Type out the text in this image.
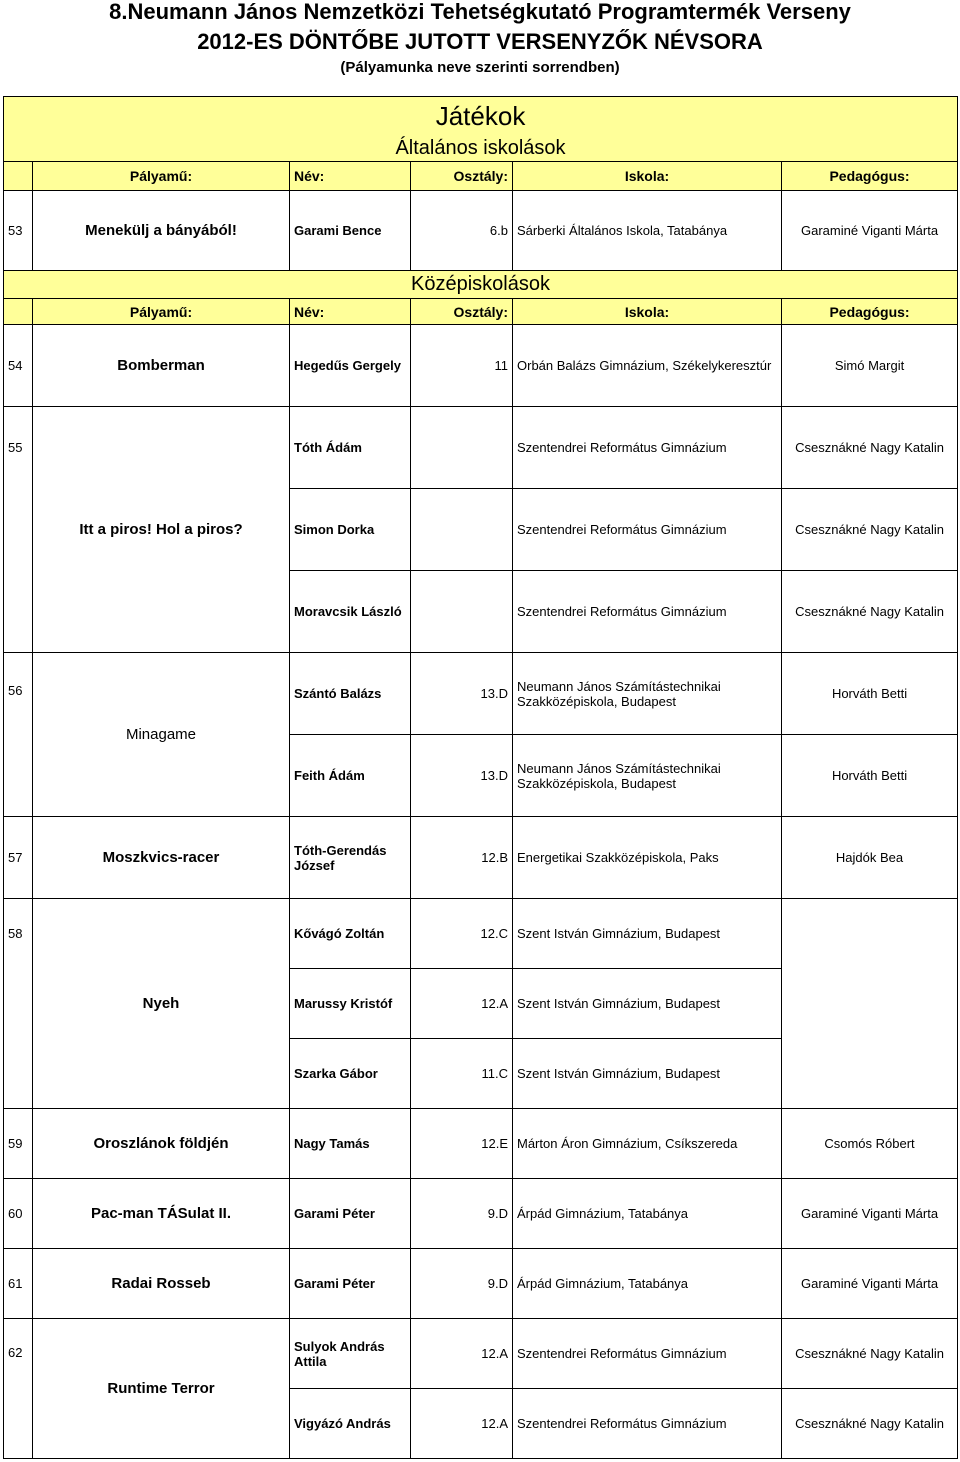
8.Neumann János Nemzetközi Tehetségkutató Programtermék Verseny
2012-ES DÖNTŐBE JUTOTT VERSENYZŐK NÉVSORA
(Pályamunka neve szerinti sorrendben)
Játékok					
Általános iskolások					
	Pályamű:	Név:	Osztály:	Iskola:	Pedagógus:
53	Menekülj a bányából!	Garami Bence	6.b	Sárberki Általános Iskola, Tatabánya	Garaminé Viganti Márta
Középiskolások					
	Pályamű:	Név:	Osztály:	Iskola:	Pedagógus:
54	Bomberman	Hegedűs Gergely	11	Orbán Balázs Gimnázium, Székelykeresztúr	Simó Margit
55		Tóth Ádám		Szentendrei Református Gimnázium	Csesznákné Nagy Katalin
	Itt a piros! Hol a piros?	Simon Dorka		Szentendrei Református Gimnázium	Csesznákné Nagy Katalin
		Moravcsik László		Szentendrei Református Gimnázium	Csesznákné Nagy Katalin
56	Minagame	Szántó Balázs	13.D	Neumann János Számítástechnikai Szakközépiskola, Budapest	Horváth Betti
		Feith Ádám	13.D	Neumann János Számítástechnikai Szakközépiskola, Budapest	Horváth Betti
57	Moszkvics-racer	Tóth-Gerendás József	12.B	Energetikai Szakközépiskola, Paks	Hajdók Bea
58		Kővágó Zoltán	12.C	Szent István Gimnázium, Budapest	
	Nyeh	Marussy Kristóf	12.A	Szent István Gimnázium, Budapest	
		Szarka Gábor	11.C	Szent István Gimnázium, Budapest	
59	Oroszlánok földjén	Nagy Tamás	12.E	Márton Áron Gimnázium, Csíkszereda	Csomós Róbert
60	Pac-man TÁSulat II.	Garami Péter	9.D	Árpád Gimnázium, Tatabánya	Garaminé Viganti Márta
61	Radai Rosseb	Garami Péter	9.D	Árpád Gimnázium, Tatabánya	Garaminé Viganti Márta
62	Runtime Terror	Sulyok András Attila	12.A	Szentendrei Református Gimnázium	Csesznákné Nagy Katalin
		Vigyázó András	12.A	Szentendrei Református Gimnázium	Csesznákné Nagy Katalin
